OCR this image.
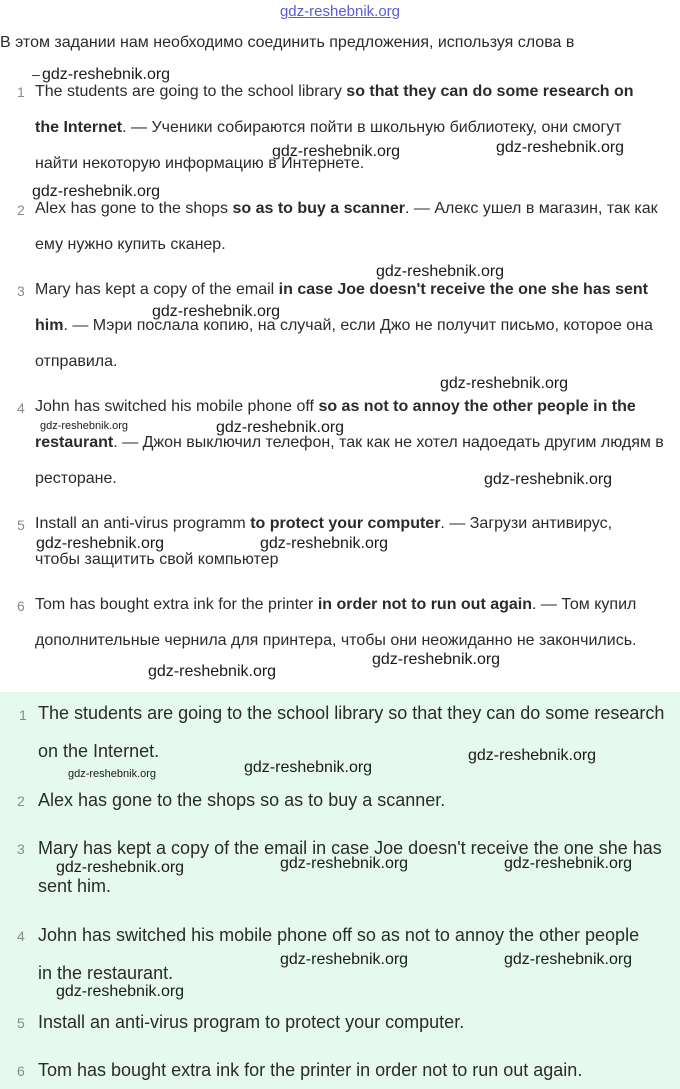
gdz-reshebnik.org
В этом задании нам необходимо соединить предложения, используя слова в
–
1 The students are going to the school library so that they can do some research on the Internet. — Ученики собираются пойти в школьную библиотеку, они смогут найти некоторую информацию в Интернете.
2 Alex has gone to the shops so as to buy a scanner. — Алекс ушел в магазин, так как ему нужно купить сканер.
3 Mary has kept a copy of the email in case Joe doesn't receive the one she has sent him. — Мэри послала копию, на случай, если Джо не получит письмо, которое она отправила.
4 John has switched his mobile phone off so as not to annoy the other people in the restaurant. — Джон выключил телефон, так как не хотел надоедать другим людям в ресторане.
5 Install an anti-virus programm to protect your computer. — Загрузи антивирус, чтобы защитить свой компьютер
6 Tom has bought extra ink for the printer in order not to run out again. — Том купил дополнительные чернила для принтера, чтобы они неожиданно не закончились.
1 The students are going to the school library so that they can do some research on the Internet.
2 Alex has gone to the shops so as to buy a scanner.
3 Mary has kept a copy of the email in case Joe doesn't receive the one she has sent him.
4 John has switched his mobile phone off so as not to annoy the other people in the restaurant.
5 Install an anti-virus program to protect your computer.
6 Tom has bought extra ink for the printer in order not to run out again.
gdz-reshebnik.org
gdz-reshebnik.org	gdz-reshebnik.org
gdz-reshebnik.org
gdz-reshebnik.org
gdz-reshebnik.org
gdz-reshebnik.org
gdz-reshebnik.org	gdz-reshebnik.org
gdz-reshebnik.org
gdz-reshebnik.org	gdz-reshebnik.org
gdz-reshebnik.org
gdz-reshebnik.org
gdz-reshebnik.org
gdz-reshebnik.org
gdz-reshebnik.org
gdz-reshebnik.org	gdz-reshebnik.org
gdz-reshebnik.org
gdz-reshebnik.org	gdz-reshebnik.org
gdz-reshebnik.org
